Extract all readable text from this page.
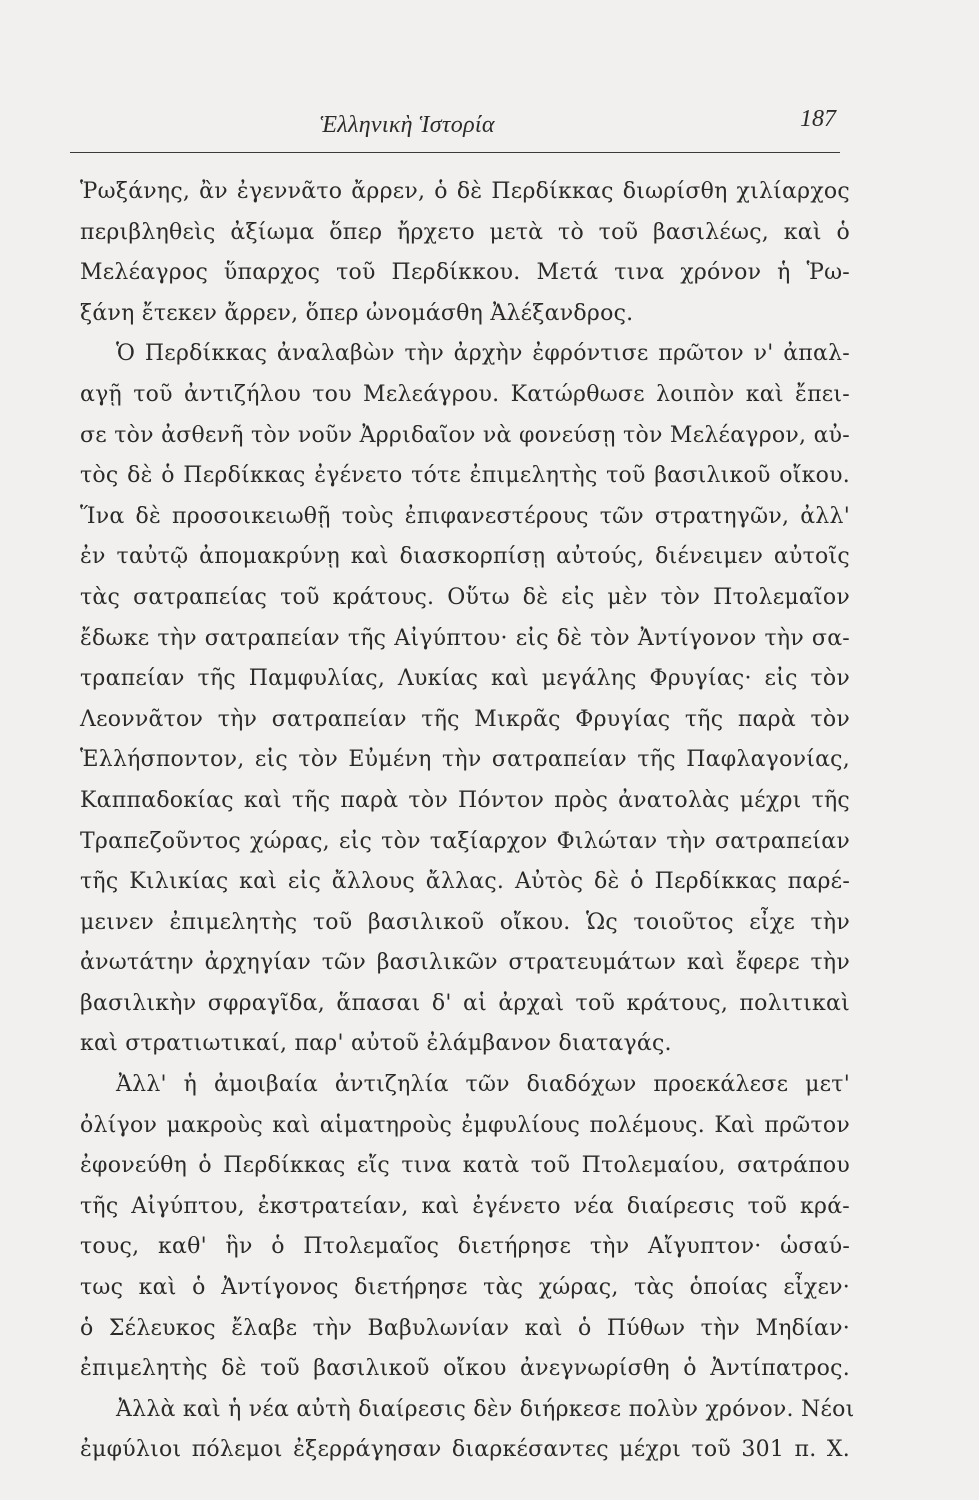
Ἑλληνικὴ Ἱστορία	187
Ῥωξάνης, ἂν ἐγεννᾶτο ἄρρεν, ὁ δὲ Περδίκκας διωρίσθη χιλίαρχος
περιβληθεὶς ἀξίωμα ὅπερ ἤρχετο μετὰ τὸ τοῦ βασιλέως, καὶ ὁ
Μελέαγρος ὕπαρχος τοῦ Περδίκκου. Μετά τινα χρόνον ἡ Ῥω-
ξάνη ἔτεκεν ἄρρεν, ὅπερ ὠνομάσθη Ἀλέξανδρος.
Ὁ Περδίκκας ἀναλαβὼν τὴν ἀρχὴν ἐφρόντισε πρῶτον ν' ἀπαλ-
αγῇ τοῦ ἀντιζήλου του Μελεάγρου. Κατώρθωσε λοιπὸν καὶ ἔπει-
σε τὸν ἀσθενῆ τὸν νοῦν Ἀρριδαῖον νὰ φονεύσῃ τὸν Μελέαγρον, αὐ-
τὸς δὲ ὁ Περδίκκας ἐγένετο τότε ἐπιμελητὴς τοῦ βασιλικοῦ οἴκου.
Ἵνα δὲ προσοικειωθῇ τοὺς ἐπιφανεστέρους τῶν στρατηγῶν, ἀλλ'
ἐν ταὐτῷ ἀπομακρύνῃ καὶ διασκορπίσῃ αὐτούς, διένειμεν αὐτοῖς
τὰς σατραπείας τοῦ κράτους. Οὕτω δὲ εἰς μὲν τὸν Πτολεμαῖον
ἔδωκε τὴν σατραπείαν τῆς Αἰγύπτου· εἰς δὲ τὸν Ἀντίγονον τὴν σα-
τραπείαν τῆς Παμφυλίας, Λυκίας καὶ μεγάλης Φρυγίας· εἰς τὸν
Λεοννᾶτον τὴν σατραπείαν τῆς Μικρᾶς Φρυγίας τῆς παρὰ τὸν
Ἑλλήσποντον, εἰς τὸν Εὐμένη τὴν σατραπείαν τῆς Παφλαγονίας,
Καππαδοκίας καὶ τῆς παρὰ τὸν Πόντον πρὸς ἀνατολὰς μέχρι τῆς
Τραπεζοῦντος χώρας, εἰς τὸν ταξίαρχον Φιλώταν τὴν σατραπείαν
τῆς Κιλικίας καὶ εἰς ἄλλους ἄλλας. Αὐτὸς δὲ ὁ Περδίκκας παρέ-
μεινεν ἐπιμελητὴς τοῦ βασιλικοῦ οἴκου. Ὡς τοιοῦτος εἶχε τὴν
ἀνωτάτην ἀρχηγίαν τῶν βασιλικῶν στρατευμάτων καὶ ἔφερε τὴν
βασιλικὴν σφραγῖδα, ἅπασαι δ' αἱ ἀρχαὶ τοῦ κράτους, πολιτικαὶ
καὶ στρατιωτικαί, παρ' αὐτοῦ ἐλάμβανον διαταγάς.
Ἀλλ' ἡ ἀμοιβαία ἀντιζηλία τῶν διαδόχων προεκάλεσε μετ'
ὀλίγον μακροὺς καὶ αἱματηροὺς ἐμφυλίους πολέμους. Καὶ πρῶτον
ἐφονεύθη ὁ Περδίκκας εἴς τινα κατὰ τοῦ Πτολεμαίου, σατράπου
τῆς Αἰγύπτου, ἐκστρατείαν, καὶ ἐγένετο νέα διαίρεσις τοῦ κρά-
τους, καθ' ἣν ὁ Πτολεμαῖος διετήρησε τὴν Αἴγυπτον· ὡσαύ-
τως καὶ ὁ Ἀντίγονος διετήρησε τὰς χώρας, τὰς ὁποίας εἶχεν·
ὁ Σέλευκος ἔλαβε τὴν Βαβυλωνίαν καὶ ὁ Πύθων τὴν Μηδίαν·
ἐπιμελητὴς δὲ τοῦ βασιλικοῦ οἴκου ἀνεγνωρίσθη ὁ Ἀντίπατρος.
Ἀλλὰ καὶ ἡ νέα αὐτὴ διαίρεσις δὲν διήρκεσε πολὺν χρόνον. Νέοι
ἐμφύλιοι πόλεμοι ἐξερράγησαν διαρκέσαντες μέχρι τοῦ 301 π. Χ.
